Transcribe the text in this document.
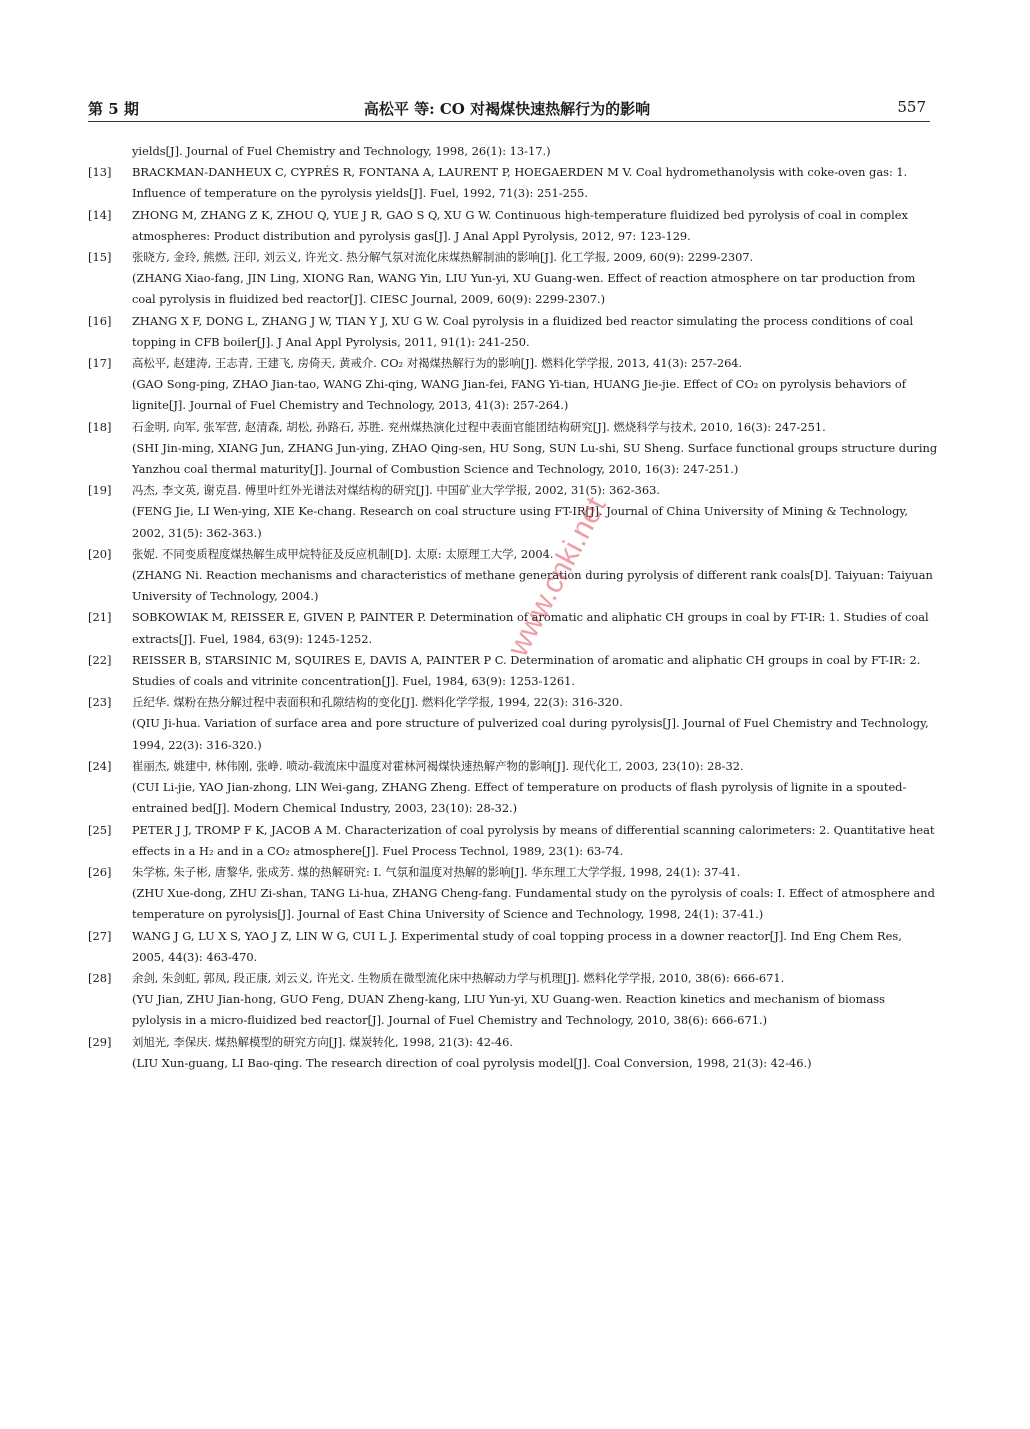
第 5 期	高松平 等: CO 对褐煤快速热解行为的影响	557
yields[J]. Journal of Fuel Chemistry and Technology, 1998, 26(1): 13-17.)
[13] BRACKMAN-DANHEUX C, CYPRÉS R, FONTANA A, LAURENT P, HOEGAERDEN M V. Coal hydromethanolysis with coke-oven gas: 1. Influence of temperature on the pyrolysis yields[J]. Fuel, 1992, 71(3): 251-255.
[14] ZHONG M, ZHANG Z K, ZHOU Q, YUE J R, GAO S Q, XU G W. Continuous high-temperature fluidized bed pyrolysis of coal in complex atmospheres: Product distribution and pyrolysis gas[J]. J Anal Appl Pyrolysis, 2012, 97: 123-129.
[15] 张晓方, 金玲, 熊燃, 汪印, 刘云义, 许光文. 热分解气氛对流化床煤热解制油的影响[J]. 化工学报, 2009, 60(9): 2299-2307.
(ZHANG Xiao-fang, JIN Ling, XIONG Ran, WANG Yin, LIU Yun-yi, XU Guang-wen. Effect of reaction atmosphere on tar production from coal pyrolysis in fluidized bed reactor[J]. CIESC Journal, 2009, 60(9): 2299-2307.)
[16] ZHANG X F, DONG L, ZHANG J W, TIAN Y J, XU G W. Coal pyrolysis in a fluidized bed reactor simulating the process conditions of coal topping in CFB boiler[J]. J Anal Appl Pyrolysis, 2011, 91(1): 241-250.
[17] 高松平, 赵建涛, 王志青, 王建飞, 房倚天, 黄戒介. CO₂ 对褐煤热解行为的影响[J]. 燃料化学学报, 2013, 41(3): 257-264.
(GAO Song-ping, ZHAO Jian-tao, WANG Zhi-qing, WANG Jian-fei, FANG Yi-tian, HUANG Jie-jie. Effect of CO₂ on pyrolysis behaviors of lignite[J]. Journal of Fuel Chemistry and Technology, 2013, 41(3): 257-264.)
[18] 石金明, 向军, 张军营, 赵清森, 胡松, 孙路石, 苏胜. 兖州煤热演化过程中表面官能团结构研究[J]. 燃烧科学与技术, 2010, 16(3): 247-251.
(SHI Jin-ming, XIANG Jun, ZHANG Jun-ying, ZHAO Qing-sen, HU Song, SUN Lu-shi, SU Sheng. Surface functional groups structure during Yanzhou coal thermal maturity[J]. Journal of Combustion Science and Technology, 2010, 16(3): 247-251.)
[19] 冯杰, 李文英, 谢克昌. 傅里叶红外光谱法对煤结构的研究[J]. 中国矿业大学学报, 2002, 31(5): 362-363.
(FENG Jie, LI Wen-ying, XIE Ke-chang. Research on coal structure using FT-IR[J]. Journal of China University of Mining & Technology, 2002, 31(5): 362-363.)
[20] 张妮. 不同变质程度煤热解生成甲烷特征及反应机制[D]. 太原: 太原理工大学, 2004.
(ZHANG Ni. Reaction mechanisms and characteristics of methane generation during pyrolysis of different rank coals[D]. Taiyuan: Taiyuan University of Technology, 2004.)
[21] SOBKOWIAK M, REISSER E, GIVEN P, PAINTER P. Determination of aromatic and aliphatic CH groups in coal by FT-IR: 1. Studies of coal extracts[J]. Fuel, 1984, 63(9): 1245-1252.
[22] REISSER B, STARSINIC M, SQUIRES E, DAVIS A, PAINTER P C. Determination of aromatic and aliphatic CH groups in coal by FT-IR: 2. Studies of coals and vitrinite concentration[J]. Fuel, 1984, 63(9): 1253-1261.
[23] 丘纪华. 煤粉在热分解过程中表面积和孔隙结构的变化[J]. 燃料化学学报, 1994, 22(3): 316-320.
(QIU Ji-hua. Variation of surface area and pore structure of pulverized coal during pyrolysis[J]. Journal of Fuel Chemistry and Technology, 1994, 22(3): 316-320.)
[24] 崔丽杰, 姚建中, 林伟刚, 张峥. 喷动-载流床中温度对霍林河褐煤快速热解产物的影响[J]. 现代化工, 2003, 23(10): 28-32.
(CUI Li-jie, YAO Jian-zhong, LIN Wei-gang, ZHANG Zheng. Effect of temperature on products of flash pyrolysis of lignite in a spouted-entrained bed[J]. Modern Chemical Industry, 2003, 23(10): 28-32.)
[25] PETER J J, TROMP F K, JACOB A M. Characterization of coal pyrolysis by means of differential scanning calorimeters: 2. Quantitative heat effects in a H₂ and in a CO₂ atmosphere[J]. Fuel Process Technol, 1989, 23(1): 63-74.
[26] 朱学栋, 朱子彬, 唐黎华, 张成芳. 煤的热解研究: Ⅰ. 气氛和温度对热解的影响[J]. 华东理工大学学报, 1998, 24(1): 37-41.
(ZHU Xue-dong, ZHU Zi-shan, TANG Li-hua, ZHANG Cheng-fang. Fundamental study on the pyrolysis of coals: I. Effect of atmosphere and temperature on pyrolysis[J]. Journal of East China University of Science and Technology, 1998, 24(1): 37-41.)
[27] WANG J G, LU X S, YAO J Z, LIN W G, CUI L J. Experimental study of coal topping process in a downer reactor[J]. Ind Eng Chem Res, 2005, 44(3): 463-470.
[28] 余剑, 朱剑虹, 郭凤, 段正康, 刘云义, 许光文. 生物质在微型流化床中热解动力学与机理[J]. 燃料化学学报, 2010, 38(6): 666-671.
(YU Jian, ZHU Jian-hong, GUO Feng, DUAN Zheng-kang, LIU Yun-yi, XU Guang-wen. Reaction kinetics and mechanism of biomass pylolysis in a micro-fluidized bed reactor[J]. Journal of Fuel Chemistry and Technology, 2010, 38(6): 666-671.)
[29] 刘旭光, 李保庆. 煤热解模型的研究方向[J]. 煤炭转化, 1998, 21(3): 42-46.
(LIU Xun-guang, LI Bao-qing. The research direction of coal pyrolysis model[J]. Coal Conversion, 1998, 21(3): 42-46.)
www.cnki.net
